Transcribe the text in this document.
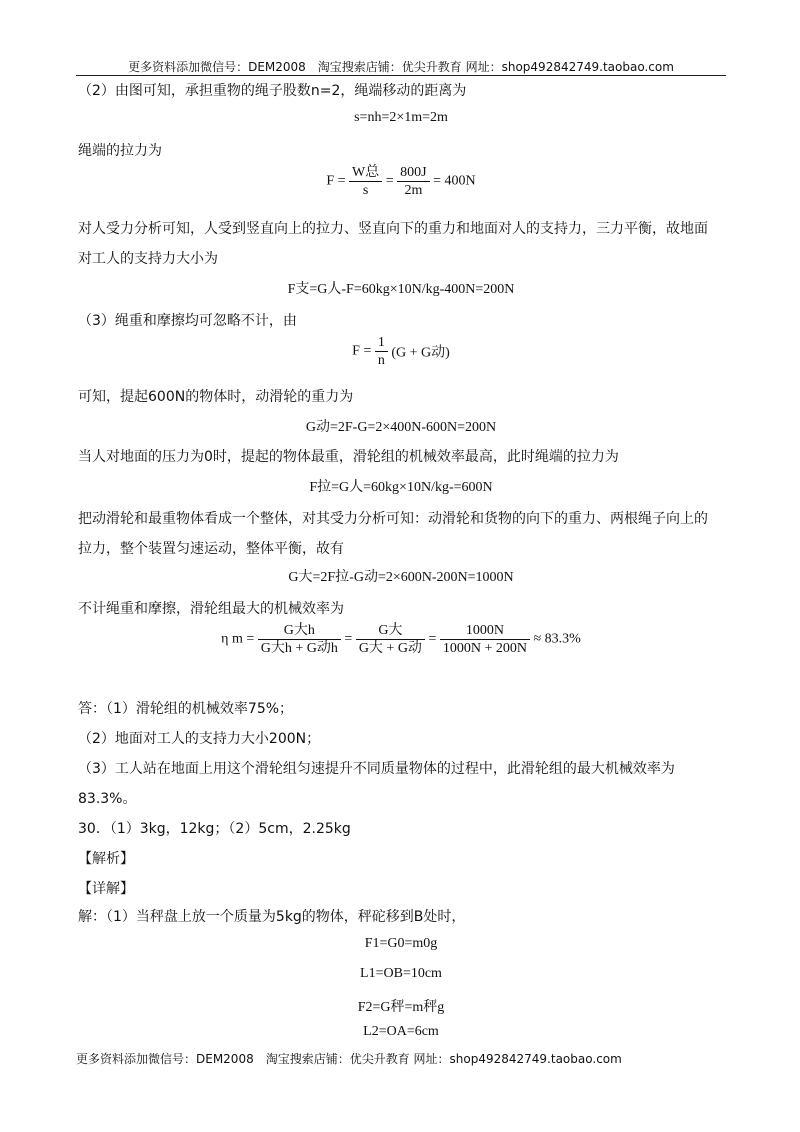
更多资料添加微信号：DEM2008　淘宝搜索店铺：优尖升教育 网址：shop492842749.taobao.com
（2）由图可知，承担重物的绳子股数n=2，绳端移动的距离为
s=nh=2×1m=2m
绳端的拉力为
$F = \frac{\text{W总}}{s} = \frac{800J}{2m} = 400N$
对人受力分析可知，人受到竖直向上的拉力、竖直向下的重力和地面对人的支持力，三力平衡，故地面
对工人的支持力大小为
F支=G人-F=60kg×10N/kg-400N=200N
（3）绳重和摩擦均可忽略不计，由
$F = \frac{1}{n} (G + G$动)
可知，提起600N的物体时，动滑轮的重力为
G动=2F-G=2×400N-600N=200N
当人对地面的压力为0时，提起的物体最重，滑轮组的机械效率最高，此时绳端的拉力为
F拉=G人=60kg×10N/kg-=600N
把动滑轮和最重物体看成一个整体，对其受力分析可知：动滑轮和货物的向下的重力、两根绳子向上的
拉力，整个装置匀速运动，整体平衡，故有
G大=2F拉-G动=2×600N-200N=1000N
不计绳重和摩擦，滑轮组最大的机械效率为
η $m = \frac{\text{G大h}}{\text{G大h + G动h}} = \frac{\text{G大}}{\text{G大 + G动}} = \frac{1000N}{1000N + 200N} \approx 83.3\%$
答：（1）滑轮组的机械效率75%；
（2）地面对工人的支持力大小200N；
（3）工人站在地面上用这个滑轮组匀速提升不同质量物体的过程中，此滑轮组的最大机械效率为
83.3%。
30．（1）3kg，12kg；（2）5cm，2.25kg
【解析】
【详解】
解：（1）当秤盘上放一个质量为5kg的物体，秤砣移到B处时，
F1=G0=m0g
L1=OB=10cm
F2=G秤=m秤g
L2=OA=6cm
更多资料添加微信号：DEM2008　淘宝搜索店铺：优尖升教育 网址：shop492842749.taobao.com
